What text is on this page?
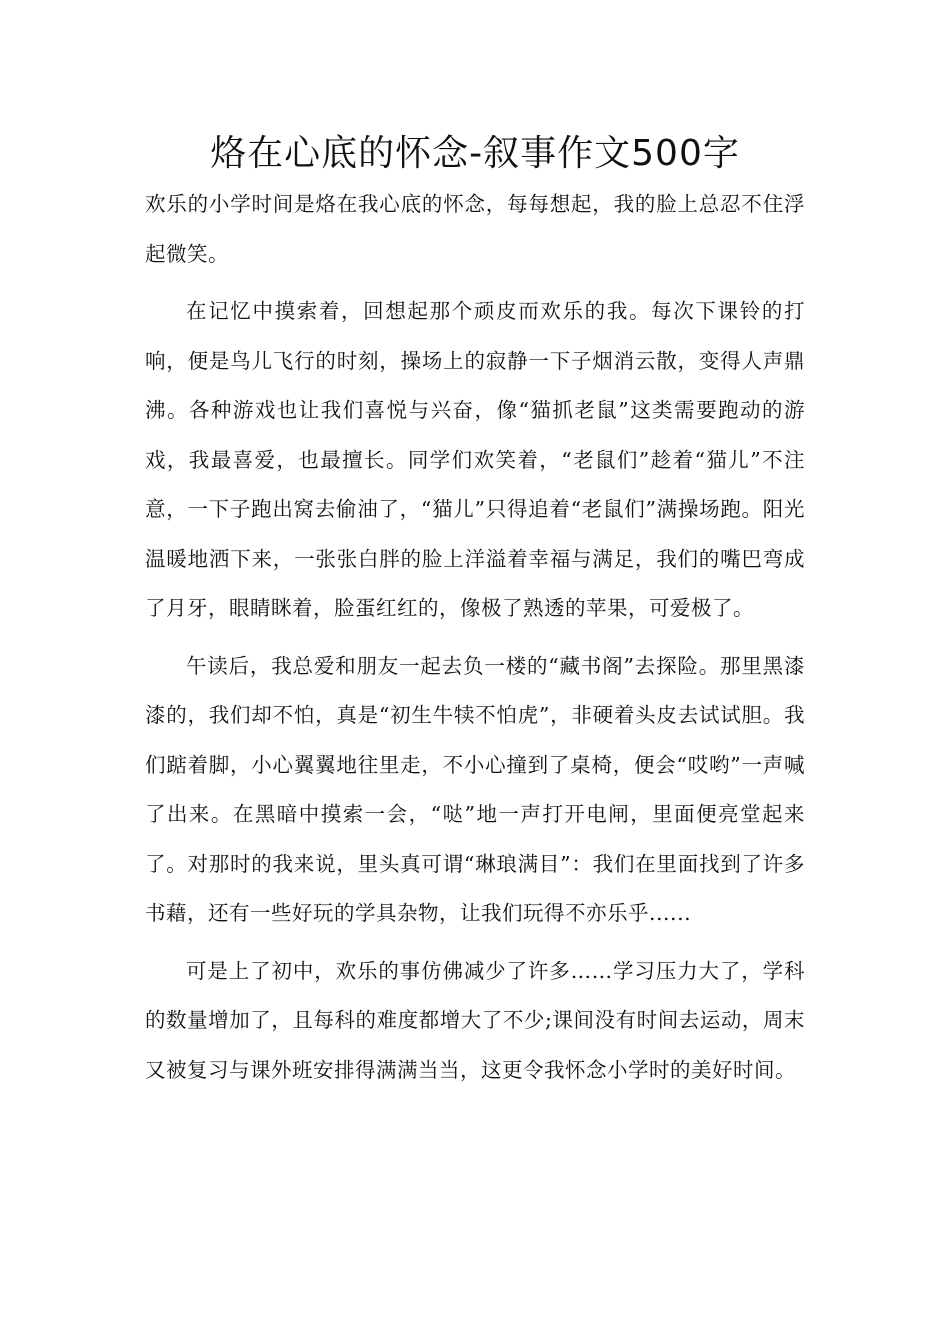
烙在心底的怀念-叙事作文500字

欢乐的小学时间是烙在我心底的怀念，每每想起，我的脸上总忍不住浮起微笑。

在记忆中摸索着，回想起那个顽皮而欢乐的我。每次下课铃的打响，便是鸟儿飞行的时刻，操场上的寂静一下子烟消云散，变得人声鼎沸。各种游戏也让我们喜悦与兴奋，像“猫抓老鼠”这类需要跑动的游戏，我最喜爱，也最擅长。同学们欢笑着，“老鼠们”趁着“猫儿”不注意，一下子跑出窝去偷油了，“猫儿”只得追着“老鼠们”满操场跑。阳光温暖地洒下来，一张张白胖的脸上洋溢着幸福与满足，我们的嘴巴弯成了月牙，眼睛眯着，脸蛋红红的，像极了熟透的苹果，可爱极了。

午读后，我总爱和朋友一起去负一楼的“藏书阁”去探险。那里黑漆漆的，我们却不怕，真是“初生牛犊不怕虎”，非硬着头皮去试试胆。我们踮着脚，小心翼翼地往里走，不小心撞到了桌椅，便会“哎哟”一声喊了出来。在黑暗中摸索一会，“哒”地一声打开电闸，里面便亮堂起来了。对那时的我来说，里头真可谓“琳琅满目”：我们在里面找到了许多书藉，还有一些好玩的学具杂物，让我们玩得不亦乐乎......

可是上了初中，欢乐的事仿佛减少了许多……学习压力大了，学科的数量增加了，且每科的难度都增大了不少;课间没有时间去运动，周末又被复习与课外班安排得满满当当，这更令我怀念小学时的美好时间。
